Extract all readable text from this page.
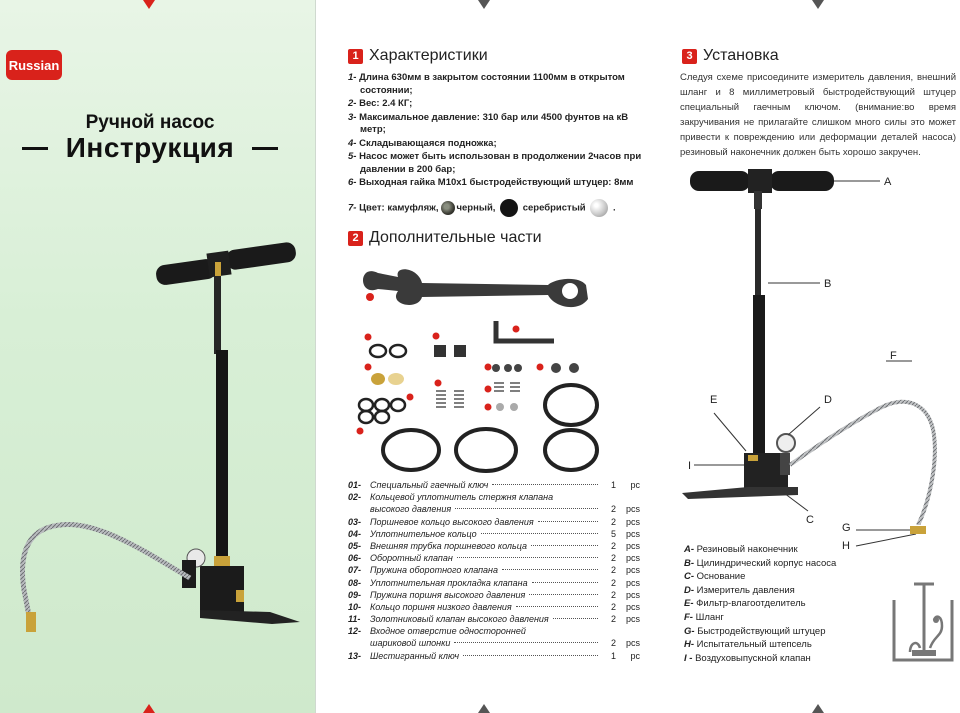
Russian
Ручной насос
Инструкция
1 Характеристики
1- Длина 630мм в закрытом состоянии 1100мм в открытом состоянии;
2- Вес: 2.4 КГ;
3- Максимальное давление: 310 бар или 4500 фунтов на кВ метр;
4- Складывающаяся подножка;
5- Насос может быть использован в продолжении 2часов при давлении в 200 бар;
6- Выходная гайка М10х1 быстродействующий штуцер: 8мм
7- Цвет: камуфляж, черный,	серебристый	.
2 Дополнительные части
01- Специальный гаечный ключ	1	pc
02- Кольцевой уплотнитель стержня клапана
высокого давления	2	pcs
03- Поршневое кольцо высокого давления	2	pcs
04- Уплотнительное кольцо	5	pcs
05- Внешняя трубка поршневого кольца	2	pcs
06- Оборотный клапан	2	pcs
07- Пружина оборотного клапана	2	pcs
08- Уплотнительная прокладка клапана	2	pcs
09- Пружина поршня высокого давления	2	pcs
10- Кольцо поршня низкого давления	2	pcs
11-	Золотниковый клапан высокого давления	2	pcs
12- Входное отверстие односторонней
шариковой шпонки	2	pcs
13- Шестигранный ключ	1	pc
3 Установка
Следуя схеме присоедините измеритель давления, внешний шланг и 8 миллиметровый быстродействующий штуцер специальный гаечным ключом. (внимание:во время закручивания не прилагайте слишком много силы это может привести к повреждению или деформации деталей насоса) резиновый наконечник должен быть хорошо закручен.
A
B
C
D
E
F
I
G
H
A- Резиновый наконечник
B- Цилиндрический корпус насоса
C- Основание
D- Измеритель давления
E- Фильтр-влагоотделитель
F- Шланг
G- Быстродействующий штуцер
H- Испытательный штепсель
I - Воздуховыпускной клапан
